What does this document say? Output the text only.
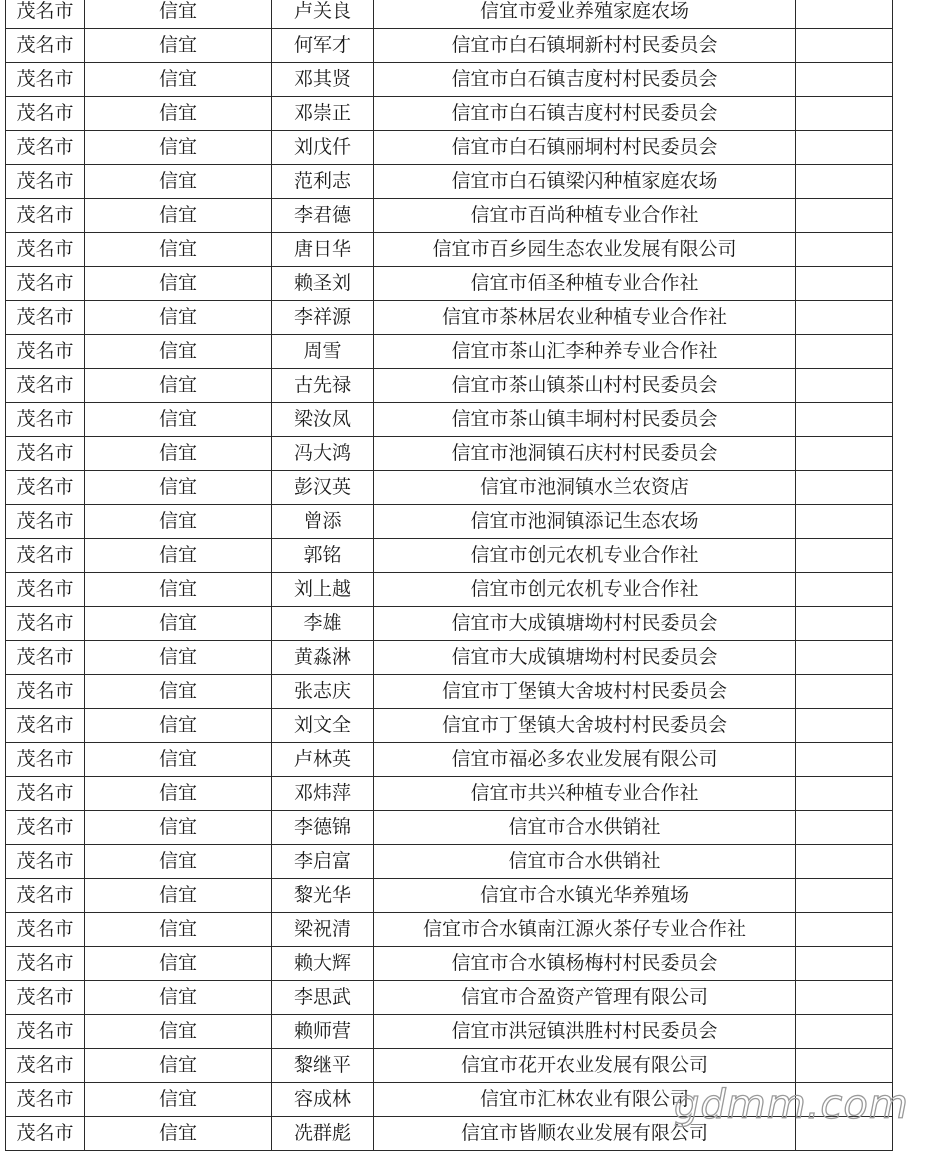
茂名市	信宜	卢关良	信宜市爱业养殖家庭农场	
茂名市	信宜	何军才	信宜市白石镇垌新村村民委员会	
茂名市	信宜	邓其贤	信宜市白石镇吉度村村民委员会	
茂名市	信宜	邓崇正	信宜市白石镇吉度村村民委员会	
茂名市	信宜	刘戊仟	信宜市白石镇丽垌村村民委员会	
茂名市	信宜	范利志	信宜市白石镇梁闪种植家庭农场	
茂名市	信宜	李君德	信宜市百尚种植专业合作社	
茂名市	信宜	唐日华	信宜市百乡园生态农业发展有限公司	
茂名市	信宜	赖圣刘	信宜市佰圣种植专业合作社	
茂名市	信宜	李祥源	信宜市茶林居农业种植专业合作社	
茂名市	信宜	周雪	信宜市茶山汇李种养专业合作社	
茂名市	信宜	古先禄	信宜市茶山镇茶山村村民委员会	
茂名市	信宜	梁汝凤	信宜市茶山镇丰垌村村民委员会	
茂名市	信宜	冯大鸿	信宜市池洞镇石庆村村民委员会	
茂名市	信宜	彭汉英	信宜市池洞镇水兰农资店	
茂名市	信宜	曾添	信宜市池洞镇添记生态农场	
茂名市	信宜	郭铭	信宜市创元农机专业合作社	
茂名市	信宜	刘上越	信宜市创元农机专业合作社	
茂名市	信宜	李雄	信宜市大成镇塘坳村村民委员会	
茂名市	信宜	黄淼淋	信宜市大成镇塘坳村村民委员会	
茂名市	信宜	张志庆	信宜市丁堡镇大舍坡村村民委员会	
茂名市	信宜	刘文全	信宜市丁堡镇大舍坡村村民委员会	
茂名市	信宜	卢林英	信宜市福必多农业发展有限公司	
茂名市	信宜	邓炜萍	信宜市共兴种植专业合作社	
茂名市	信宜	李德锦	信宜市合水供销社	
茂名市	信宜	李启富	信宜市合水供销社	
茂名市	信宜	黎光华	信宜市合水镇光华养殖场	
茂名市	信宜	梁祝清	信宜市合水镇南江源火茶仔专业合作社	
茂名市	信宜	赖大辉	信宜市合水镇杨梅村村民委员会	
茂名市	信宜	李思武	信宜市合盈资产管理有限公司	
茂名市	信宜	赖师营	信宜市洪冠镇洪胜村村民委员会	
茂名市	信宜	黎继平	信宜市花开农业发展有限公司	
茂名市	信宜	容成林	信宜市汇林农业有限公司	
茂名市	信宜	冼群彪	信宜市皆顺农业发展有限公司	
gdmm.com
